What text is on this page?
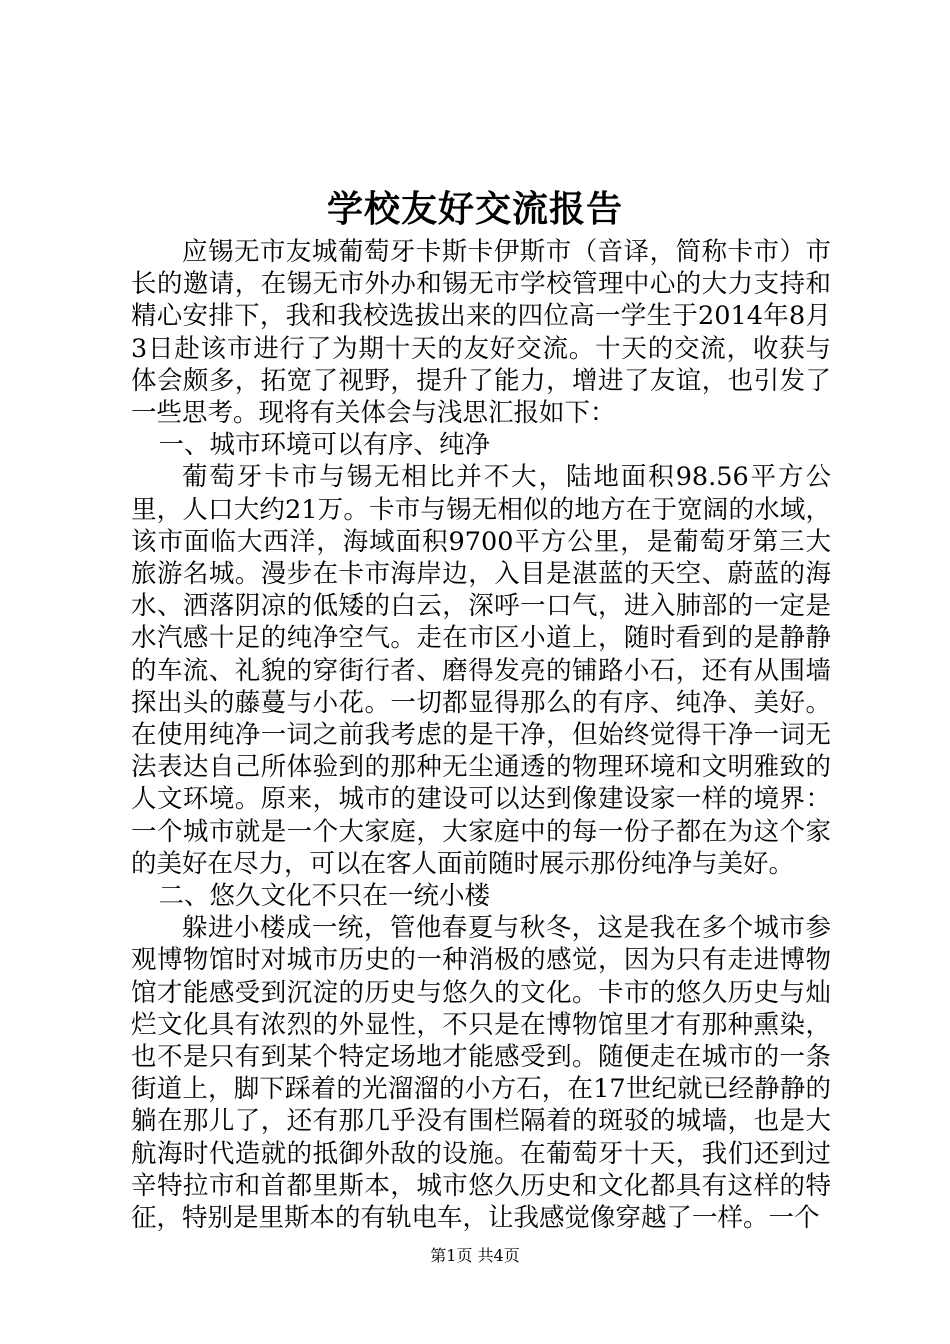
学校友好交流报告

应锡无市友城葡萄牙卡斯卡伊斯市（音译，简称卡市）市长的邀请，在锡无市外办和锡无市学校管理中心的大力支持和精心安排下，我和我校选拔出来的四位高一学生于2014年8月3日赴该市进行了为期十天的友好交流。十天的交流，收获与体会颇多，拓宽了视野，提升了能力，增进了友谊，也引发了一些思考。现将有关体会与浅思汇报如下：

一、城市环境可以有序、纯净

葡萄牙卡市与锡无相比并不大，陆地面积98.56平方公里，人口大约21万。卡市与锡无相似的地方在于宽阔的水域，该市面临大西洋，海域面积9700平方公里，是葡萄牙第三大旅游名城。漫步在卡市海岸边，入目是湛蓝的天空、蔚蓝的海水、洒落阴凉的低矮的白云，深呼一口气，进入肺部的一定是水汽感十足的纯净空气。走在市区小道上，随时看到的是静静的车流、礼貌的穿街行者、磨得发亮的铺路小石，还有从围墙探出头的藤蔓与小花。一切都显得那么的有序、纯净、美好。在使用纯净一词之前我考虑的是干净，但始终觉得干净一词无法表达自己所体验到的那种无尘通透的物理环境和文明雅致的人文环境。原来，城市的建设可以达到像建设家一样的境界：一个城市就是一个大家庭，大家庭中的每一份子都在为这个家的美好在尽力，可以在客人面前随时展示那份纯净与美好。

二、悠久文化不只在一统小楼

躲进小楼成一统，管他春夏与秋冬，这是我在多个城市参观博物馆时对城市历史的一种消极的感觉，因为只有走进博物馆才能感受到沉淀的历史与悠久的文化。卡市的悠久历史与灿烂文化具有浓烈的外显性，不只是在博物馆里才有那种熏染，也不是只有到某个特定场地才能感受到。随便走在城市的一条街道上，脚下踩着的光溜溜的小方石，在17世纪就已经静静的躺在那儿了，还有那几乎没有围栏隔着的斑驳的城墙，也是大航海时代造就的抵御外敌的设施。在葡萄牙十天，我们还到过辛特拉市和首都里斯本，城市悠久历史和文化都具有这样的特征，特别是里斯本的有轨电车，让我感觉像穿越了一样。一个

第1页 共4页
